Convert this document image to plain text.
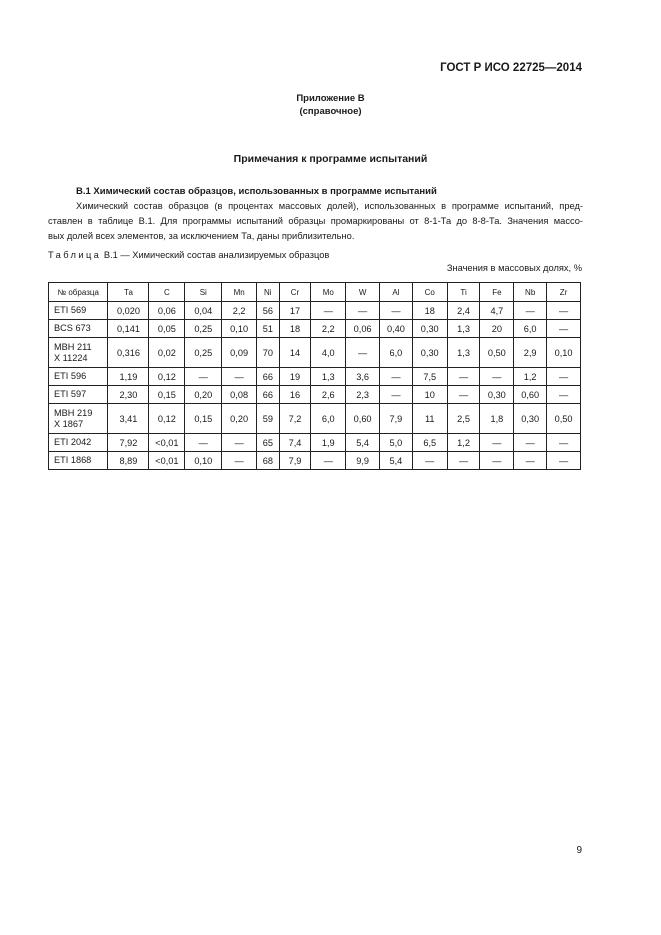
ГОСТ Р ИСО 22725—2014
Приложение В
(справочное)
Примечания к программе испытаний
В.1 Химический состав образцов, использованных в программе испытаний
Химический состав образцов (в процентах массовых долей), использованных в программе испытаний, пред-
ставлен в таблице В.1. Для программы испытаний образцы промаркированы от 8-1-Та до 8-8-Та. Значения массо-
вых долей всех элементов, за исключением Та, даны приблизительно.
Таблица В.1 — Химический состав анализируемых образцов
Значения в массовых долях, %
№ образца	Та	С	Si	Mn	Ni	Cr	Mo	W	Al	Co	Ti	Fe	Nb	Zr

ETI 569	0,020	0,06	0,04	2,2	56	17	—	—	—	18	2,4	4,7	—	—

BCS 673	0,141	0,05	0,25	0,10	51	18	2,2	0,06	0,40	0,30	1,3	20	6,0	—

MBH 211
X 11224	0,316	0,02	0,25	0,09	70	14	4,0	—	6,0	0,30	1,3	0,50	2,9	0,10

ETI 596	1,19	0,12	—	—	66	19	1,3	3,6	—	7,5	—	—	1,2	—

ETI 597	2,30	0,15	0,20	0,08	66	16	2,6	2,3	—	10	—	0,30	0,60	—

MBH 219
X 1867	3,41	0,12	0,15	0,20	59	7,2	6,0	0,60	7,9	11	2,5	1,8	0,30	0,50

ETI 2042	7,92	<0,01	—	—	65	7,4	1,9	5,4	5,0	6,5	1,2	—	—	—

ETI 1868	8,89	<0,01	0,10	—	68	7,9	—	9,9	5,4	—	—	—	—	—
9
